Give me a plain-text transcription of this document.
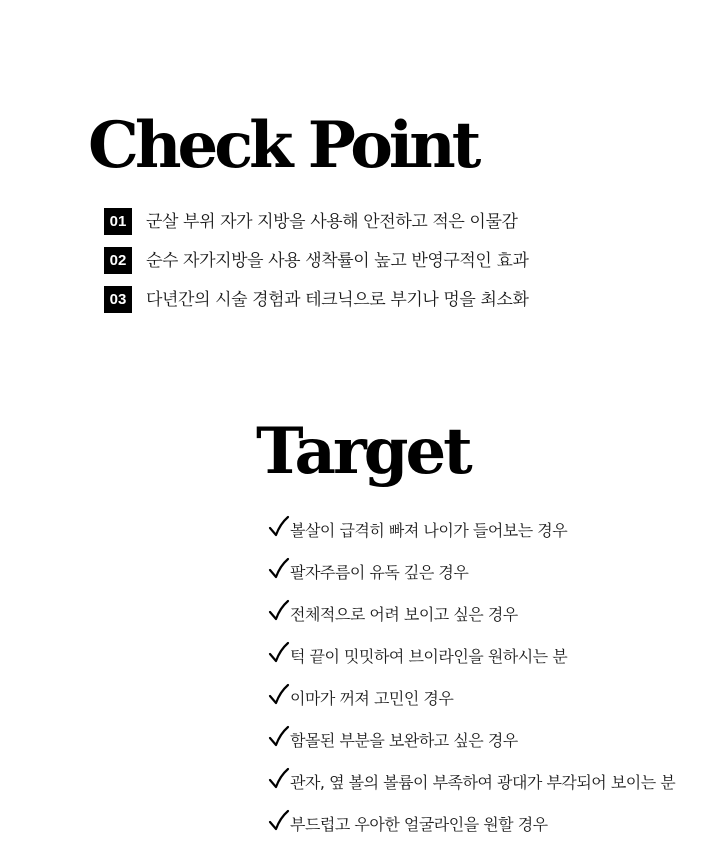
Check Point
01	군살 부위 자가 지방을 사용해 안전하고 적은 이물감
02	순수 자가지방을 사용 생착률이 높고 반영구적인 효과
03	다년간의 시술 경험과 테크닉으로 부기나 멍을 최소화
Target
볼살이 급격히 빠져 나이가 들어보는 경우
팔자주름이 유독 깊은 경우
전체적으로 어려 보이고 싶은 경우
턱 끝이 밋밋하여 브이라인을 원하시는 분
이마가 꺼져 고민인 경우
함몰된 부분을 보완하고 싶은 경우
관자, 옆 볼의 볼륨이 부족하여 광대가 부각되어 보이는 분
부드럽고 우아한 얼굴라인을 원할 경우
